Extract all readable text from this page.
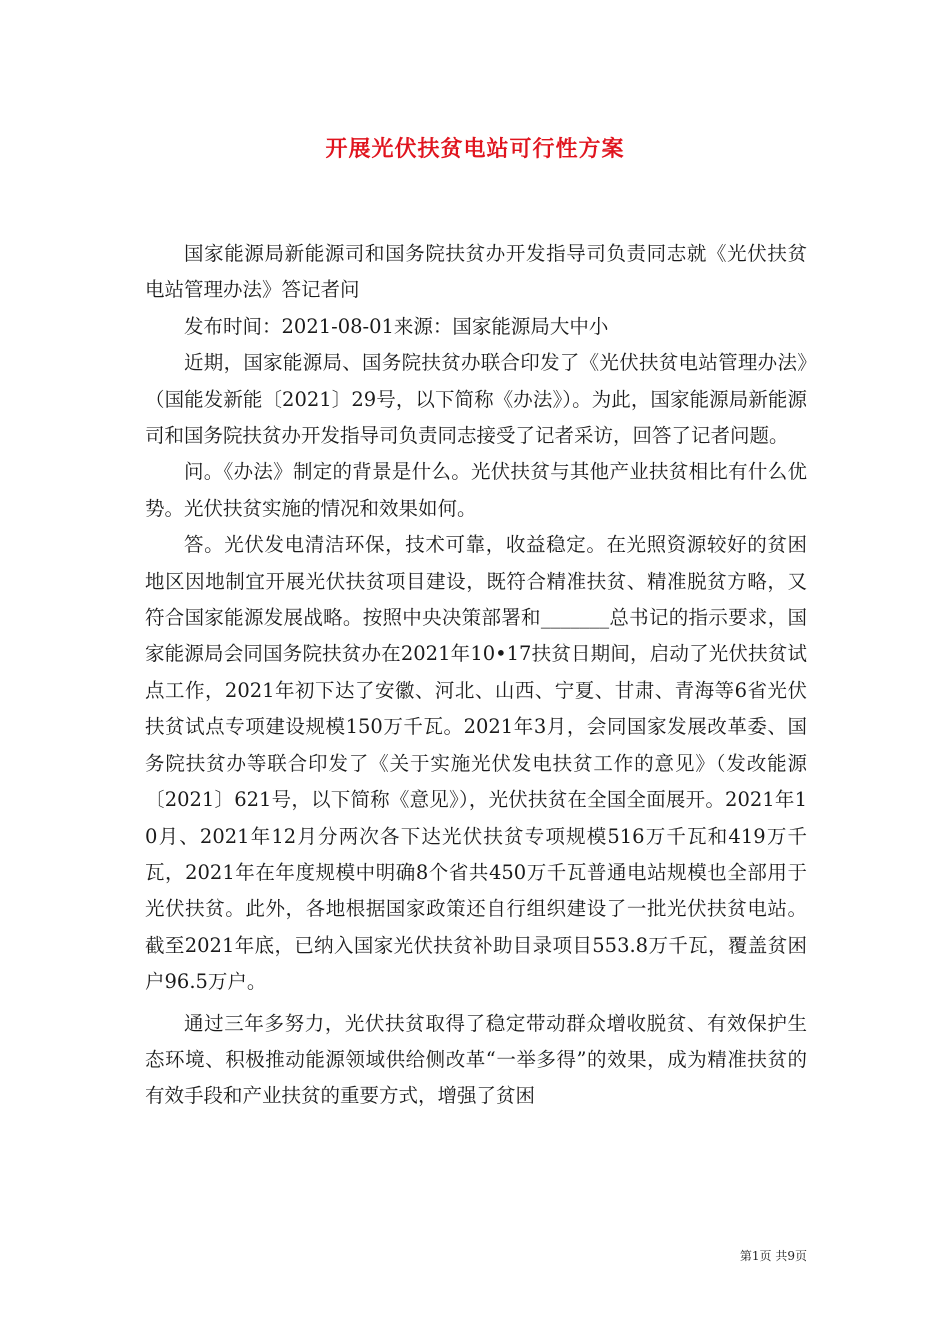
开展光伏扶贫电站可行性方案

国家能源局新能源司和国务院扶贫办开发指导司负责同志就《光伏扶贫电站管理办法》答记者问

发布时间：2021-08-01来源：国家能源局大中小

近期，国家能源局、国务院扶贫办联合印发了《光伏扶贫电站管理办法》（国能发新能〔2021〕29号，以下简称《办法》）。为此，国家能源局新能源司和国务院扶贫办开发指导司负责同志接受了记者采访，回答了记者问题。

问。《办法》制定的背景是什么。光伏扶贫与其他产业扶贫相比有什么优势。光伏扶贫实施的情况和效果如何。

答。光伏发电清洁环保，技术可靠，收益稳定。在光照资源较好的贫困地区因地制宜开展光伏扶贫项目建设，既符合精准扶贫、精准脱贫方略，又符合国家能源发展战略。按照中央决策部署和_______总书记的指示要求，国家能源局会同国务院扶贫办在2021年10•17扶贫日期间，启动了光伏扶贫试点工作，2021年初下达了安徽、河北、山西、宁夏、甘肃、青海等6省光伏扶贫试点专项建设规模150万千瓦。2021年3月，会同国家发展改革委、国务院扶贫办等联合印发了《关于实施光伏发电扶贫工作的意见》（发改能源〔2021〕621号，以下简称《意见》），光伏扶贫在全国全面展开。2021年10月、2021年12月分两次各下达光伏扶贫专项规模516万千瓦和419万千瓦，2021年在年度规模中明确8个省共450万千瓦普通电站规模也全部用于光伏扶贫。此外，各地根据国家政策还自行组织建设了一批光伏扶贫电站。截至2021年底，已纳入国家光伏扶贫补助目录项目553.8万千瓦，覆盖贫困户96.5万户。

通过三年多努力，光伏扶贫取得了稳定带动群众增收脱贫、有效保护生态环境、积极推动能源领域供给侧改革“一举多得”的效果，成为精准扶贫的有效手段和产业扶贫的重要方式，增强了贫困

第1页 共9页
